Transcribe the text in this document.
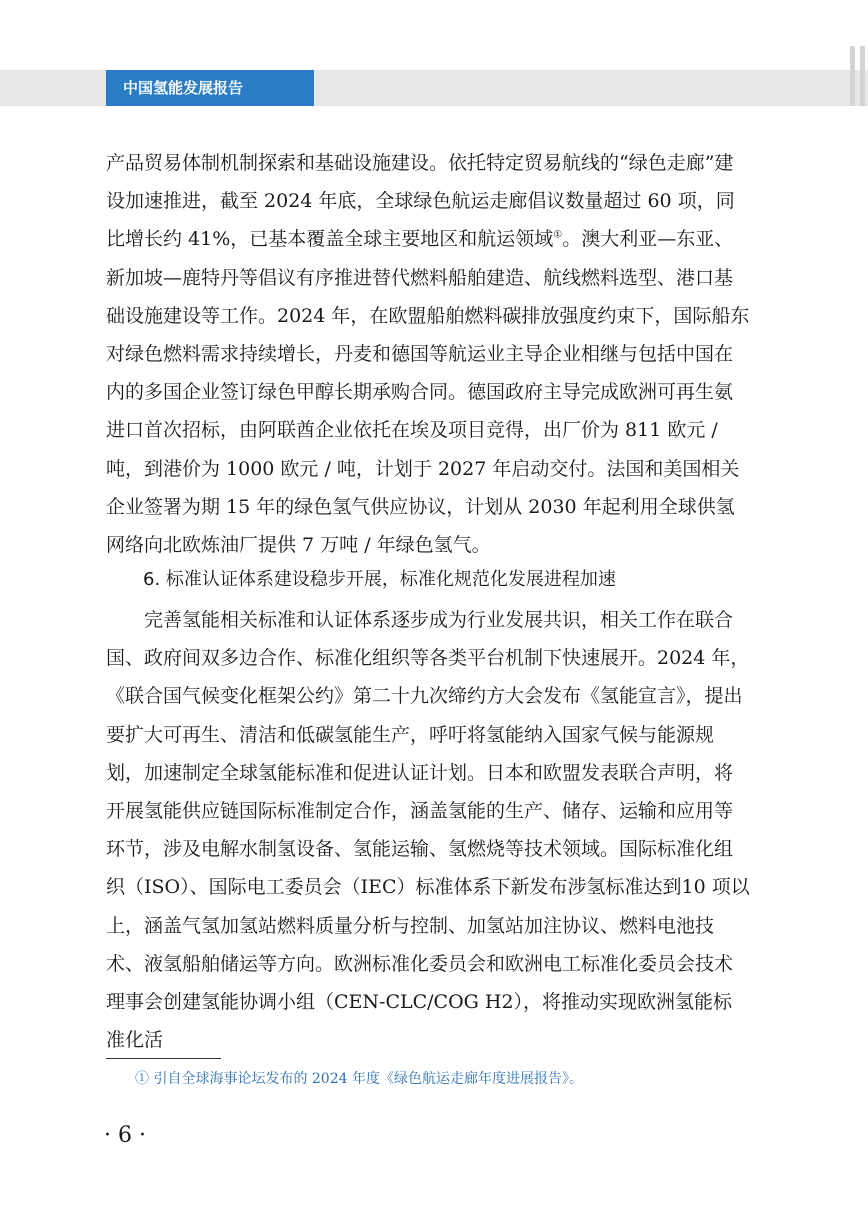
中国氢能发展报告

产品贸易体制机制探索和基础设施建设。依托特定贸易航线的“绿色走廊”建设加速推进，截至 2024 年底，全球绿色航运走廊倡议数量超过 60 项，同比增长约 41%，已基本覆盖全球主要地区和航运领域①。澳大利亚—东亚、新加坡—鹿特丹等倡议有序推进替代燃料船舶建造、航线燃料选型、港口基础设施建设等工作。2024 年，在欧盟船舶燃料碳排放强度约束下，国际船东对绿色燃料需求持续增长，丹麦和德国等航运业主导企业相继与包括中国在内的多国企业签订绿色甲醇长期承购合同。德国政府主导完成欧洲可再生氨进口首次招标，由阿联酋企业依托在埃及项目竞得，出厂价为 811 欧元 / 吨，到港价为 1000 欧元 / 吨，计划于 2027 年启动交付。法国和美国相关企业签署为期 15 年的绿色氢气供应协议，计划从 2030 年起利用全球供氢网络向北欧炼油厂提供 7 万吨 / 年绿色氢气。

6. 标准认证体系建设稳步开展，标准化规范化发展进程加速

完善氢能相关标准和认证体系逐步成为行业发展共识，相关工作在联合国、政府间双多边合作、标准化组织等各类平台机制下快速展开。2024 年，《联合国气候变化框架公约》第二十九次缔约方大会发布《氢能宣言》，提出要扩大可再生、清洁和低碳氢能生产，呼吁将氢能纳入国家气候与能源规划，加速制定全球氢能标准和促进认证计划。日本和欧盟发表联合声明，将开展氢能供应链国际标准制定合作，涵盖氢能的生产、储存、运输和应用等环节，涉及电解水制氢设备、氢能运输、氢燃烧等技术领域。国际标准化组织（ISO）、国际电工委员会（IEC）标准体系下新发布涉氢标准达到10 项以上，涵盖气氢加氢站燃料质量分析与控制、加氢站加注协议、燃料电池技术、液氢船舶储运等方向。欧洲标准化委员会和欧洲电工标准化委员会技术理事会创建氢能协调小组（CEN-CLC/COG H2），将推动实现欧洲氢能标准化活

① 引自全球海事论坛发布的 2024 年度《绿色航运走廊年度进展报告》。
· 6 ·
